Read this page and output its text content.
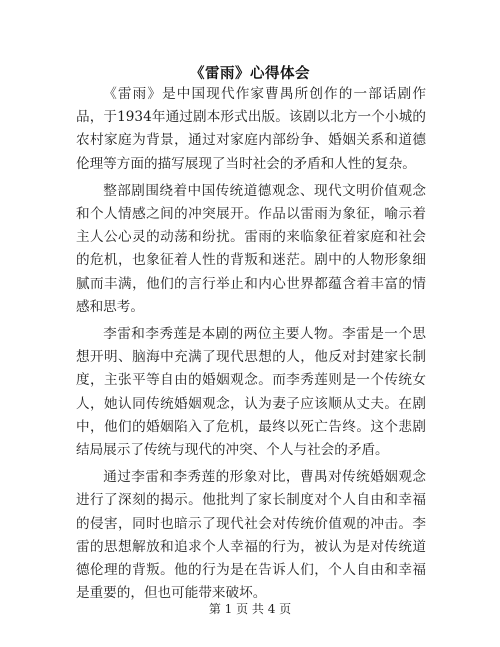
《雷雨》心得体会

《雷雨》是中国现代作家曹禺所创作的一部话剧作品，于1934年通过剧本形式出版。该剧以北方一个小城的农村家庭为背景，通过对家庭内部纷争、婚姻关系和道德伦理等方面的描写展现了当时社会的矛盾和人性的复杂。

整部剧围绕着中国传统道德观念、现代文明价值观念和个人情感之间的冲突展开。作品以雷雨为象征，喻示着主人公心灵的动荡和纷扰。雷雨的来临象征着家庭和社会的危机，也象征着人性的背叛和迷茫。剧中的人物形象细腻而丰满，他们的言行举止和内心世界都蕴含着丰富的情感和思考。

李雷和李秀莲是本剧的两位主要人物。李雷是一个思想开明、脑海中充满了现代思想的人，他反对封建家长制度，主张平等自由的婚姻观念。而李秀莲则是一个传统女人，她认同传统婚姻观念，认为妻子应该顺从丈夫。在剧中，他们的婚姻陷入了危机，最终以死亡告终。这个悲剧结局展示了传统与现代的冲突、个人与社会的矛盾。

通过李雷和李秀莲的形象对比，曹禺对传统婚姻观念进行了深刻的揭示。他批判了家长制度对个人自由和幸福的侵害，同时也暗示了现代社会对传统价值观的冲击。李雷的思想解放和追求个人幸福的行为，被认为是对传统道德伦理的背叛。他的行为是在告诉人们，个人自由和幸福是重要的，但也可能带来破坏。

第 1 页 共 4 页
